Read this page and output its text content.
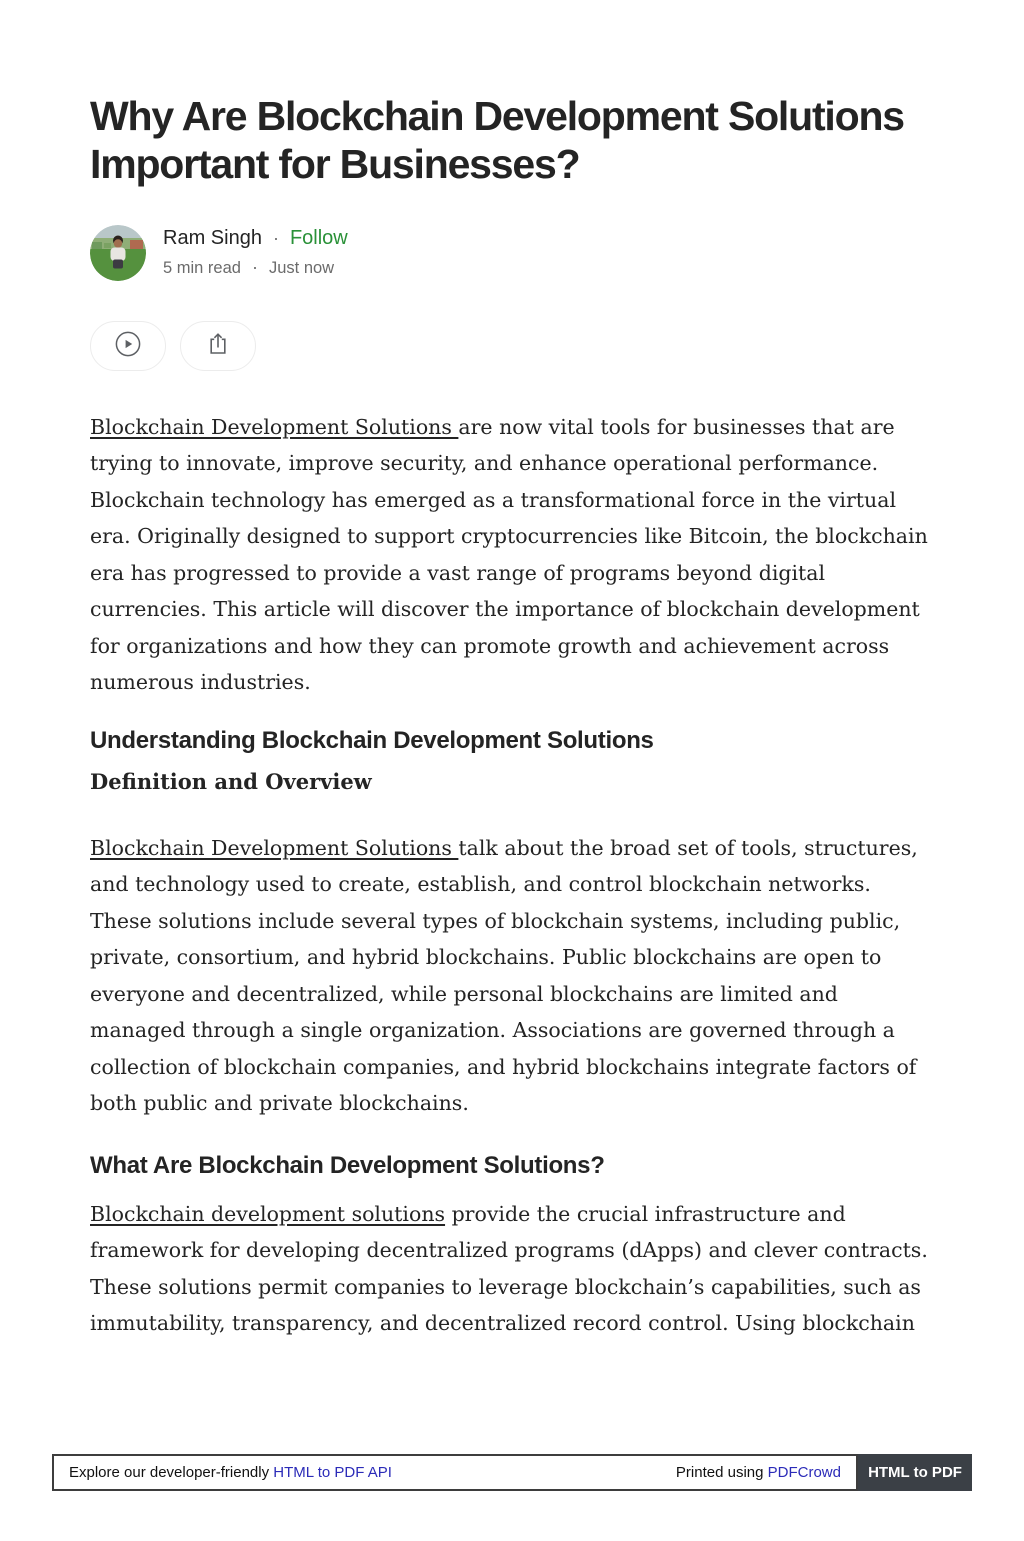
Why Are Blockchain Development Solutions Important for Businesses?
Ram Singh · Follow
5 min read · Just now

Blockchain Development Solutions are now vital tools for businesses that are trying to innovate, improve security, and enhance operational performance. Blockchain technology has emerged as a transformational force in the virtual era. Originally designed to support cryptocurrencies like Bitcoin, the blockchain era has progressed to provide a vast range of programs beyond digital currencies. This article will discover the importance of blockchain development for organizations and how they can promote growth and achievement across numerous industries.

Understanding Blockchain Development Solutions
Definition and Overview

Blockchain Development Solutions talk about the broad set of tools, structures, and technology used to create, establish, and control blockchain networks. These solutions include several types of blockchain systems, including public, private, consortium, and hybrid blockchains. Public blockchains are open to everyone and decentralized, while personal blockchains are limited and managed through a single organization. Associations are governed through a collection of blockchain companies, and hybrid blockchains integrate factors of both public and private blockchains.

What Are Blockchain Development Solutions?

Blockchain development solutions provide the crucial infrastructure and framework for developing decentralized programs (dApps) and clever contracts. These solutions permit companies to leverage blockchain’s capabilities, such as immutability, transparency, and decentralized record control. Using blockchain

Explore our developer-friendly HTML to PDF API	Printed using PDFCrowd	HTML to PDF
